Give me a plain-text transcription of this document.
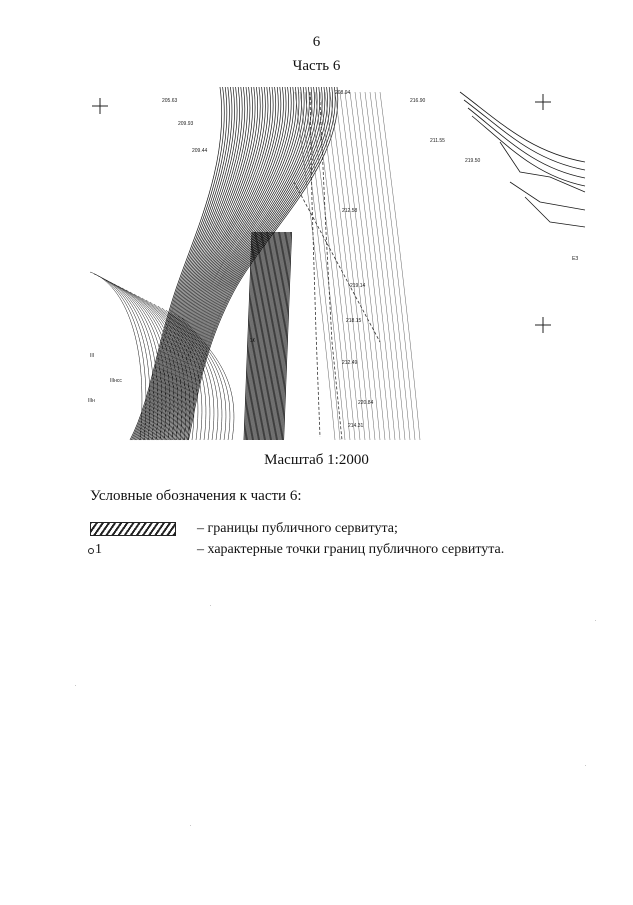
6
Часть 6
205.63
209.93
209.44
208.94
216.90
211.55
219.50
212.58
219.14
218.15
212.49
220.84
214.31
III
IIIн
ЕЗ
IIIнсс
10
Масштаб 1:2000
Условные обозначения к части 6:
– границы публичного сервитута;
1	– характерные точки границ публичного сервитута.
